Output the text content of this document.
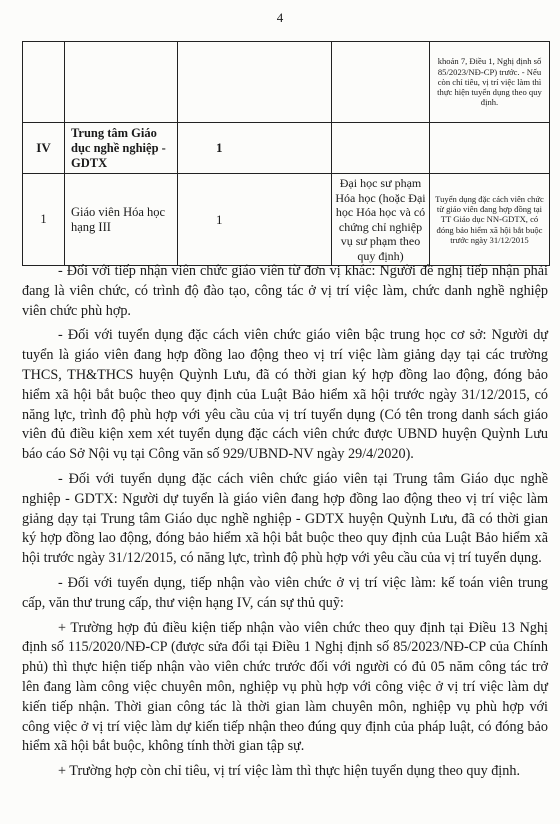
4
				khoản 7, Điều 1, Nghị định số 85/2023/NĐ-CP) trước. - Nếu còn chỉ tiêu, vị trí việc làm thì thực hiện tuyển dụng theo quy định.
IV	Trung tâm Giáo dục nghề nghiệp - GDTX	1		
1	Giáo viên Hóa học hạng III	1	Đại học sư phạm Hóa học (hoặc Đại học Hóa học và có chứng chỉ nghiệp vụ sư phạm theo quy định)	Tuyển dụng đặc cách viên chức từ giáo viên đang hợp đồng tại TT Giáo dục NN-GDTX, có đóng bảo hiểm xã hội bắt buộc trước ngày 31/12/2015

- Đối với tiếp nhận viên chức giáo viên từ đơn vị khác: Người đề nghị tiếp nhận phải đang là viên chức, có trình độ đào tạo, công tác ở vị trí việc làm, chức danh nghề nghiệp viên chức phù hợp.

- Đối với tuyển dụng đặc cách viên chức giáo viên bậc trung học cơ sở: Người dự tuyển là giáo viên đang hợp đồng lao động theo vị trí việc làm giảng dạy tại các trường THCS, TH&THCS huyện Quỳnh Lưu, đã có thời gian ký hợp đồng lao động, đóng bảo hiểm xã hội bắt buộc theo quy định của Luật Bảo hiểm xã hội trước ngày 31/12/2015, có năng lực, trình độ phù hợp với yêu cầu của vị trí tuyển dụng (Có tên trong danh sách giáo viên đủ điều kiện xem xét tuyển dụng đặc cách viên chức được UBND huyện Quỳnh Lưu báo cáo Sở Nội vụ tại Công văn số 929/UBND-NV ngày 29/4/2020).

- Đối với tuyển dụng đặc cách viên chức giáo viên tại Trung tâm Giáo dục nghề nghiệp - GDTX: Người dự tuyển là giáo viên đang hợp đồng lao động theo vị trí việc làm giảng dạy tại Trung tâm Giáo dục nghề nghiệp - GDTX huyện Quỳnh Lưu, đã có thời gian ký hợp đồng lao động, đóng bảo hiểm xã hội bắt buộc theo quy định của Luật Bảo hiểm xã hội trước ngày 31/12/2015, có năng lực, trình độ phù hợp với yêu cầu của vị trí tuyển dụng.

- Đối với tuyển dụng, tiếp nhận vào viên chức ở vị trí việc làm: kế toán viên trung cấp, văn thư trung cấp, thư viện hạng IV, cán sự thủ quỹ:

+ Trường hợp đủ điều kiện tiếp nhận vào viên chức theo quy định tại Điều 13 Nghị định số 115/2020/NĐ-CP (được sửa đổi tại Điều 1 Nghị định số 85/2023/NĐ-CP của Chính phủ) thì thực hiện tiếp nhận vào viên chức trước đối với người có đủ 05 năm công tác trở lên đang làm công việc chuyên môn, nghiệp vụ phù hợp với công việc ở vị trí việc làm dự kiến tiếp nhận. Thời gian công tác là thời gian làm chuyên môn, nghiệp vụ phù hợp với công việc ở vị trí việc làm dự kiến tiếp nhận theo đúng quy định của pháp luật, có đóng bảo hiểm xã hội bắt buộc, không tính thời gian tập sự.

+ Trường hợp còn chỉ tiêu, vị trí việc làm thì thực hiện tuyển dụng theo quy định.
